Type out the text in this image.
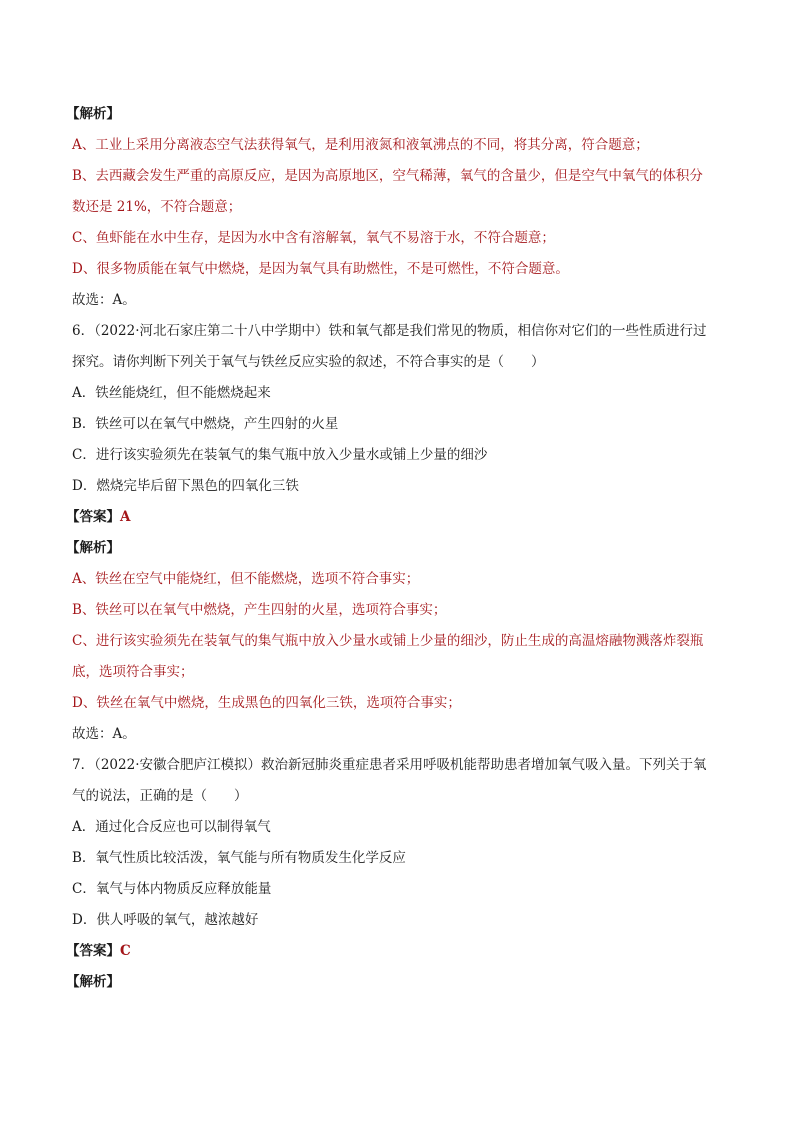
【解析】
A、工业上采用分离液态空气法获得氧气，是利用液氮和液氧沸点的不同，将其分离，符合题意；
B、去西藏会发生严重的高原反应，是因为高原地区，空气稀薄，氧气的含量少，但是空气中氧气的体积分
数还是 21%，不符合题意；
C、鱼虾能在水中生存，是因为水中含有溶解氧，氧气不易溶于水，不符合题意；
D、很多物质能在氧气中燃烧，是因为氧气具有助燃性，不是可燃性，不符合题意。
故选：A。
6．（2022·河北石家庄第二十八中学期中）铁和氧气都是我们常见的物质，相信你对它们的一些性质进行过
探究。请你判断下列关于氧气与铁丝反应实验的叙述，不符合事实的是（　　）
A．铁丝能烧红，但不能燃烧起来
B．铁丝可以在氧气中燃烧，产生四射的火星
C．进行该实验须先在装氧气的集气瓶中放入少量水或铺上少量的细沙
D．燃烧完毕后留下黑色的四氧化三铁
【答案】A
【解析】
A、铁丝在空气中能烧红，但不能燃烧，选项不符合事实；
B、铁丝可以在氧气中燃烧，产生四射的火星，选项符合事实；
C、进行该实验须先在装氧气的集气瓶中放入少量水或铺上少量的细沙，防止生成的高温熔融物溅落炸裂瓶
底，选项符合事实；
D、铁丝在氧气中燃烧，生成黑色的四氧化三铁，选项符合事实；
故选：A。
7．（2022·安徽合肥庐江模拟）救治新冠肺炎重症患者采用呼吸机能帮助患者增加氧气吸入量。下列关于氧
气的说法，正确的是（　　）
A．通过化合反应也可以制得氧气
B．氧气性质比较活泼，氧气能与所有物质发生化学反应
C．氧气与体内物质反应释放能量
D．供人呼吸的氧气，越浓越好
【答案】C
【解析】
